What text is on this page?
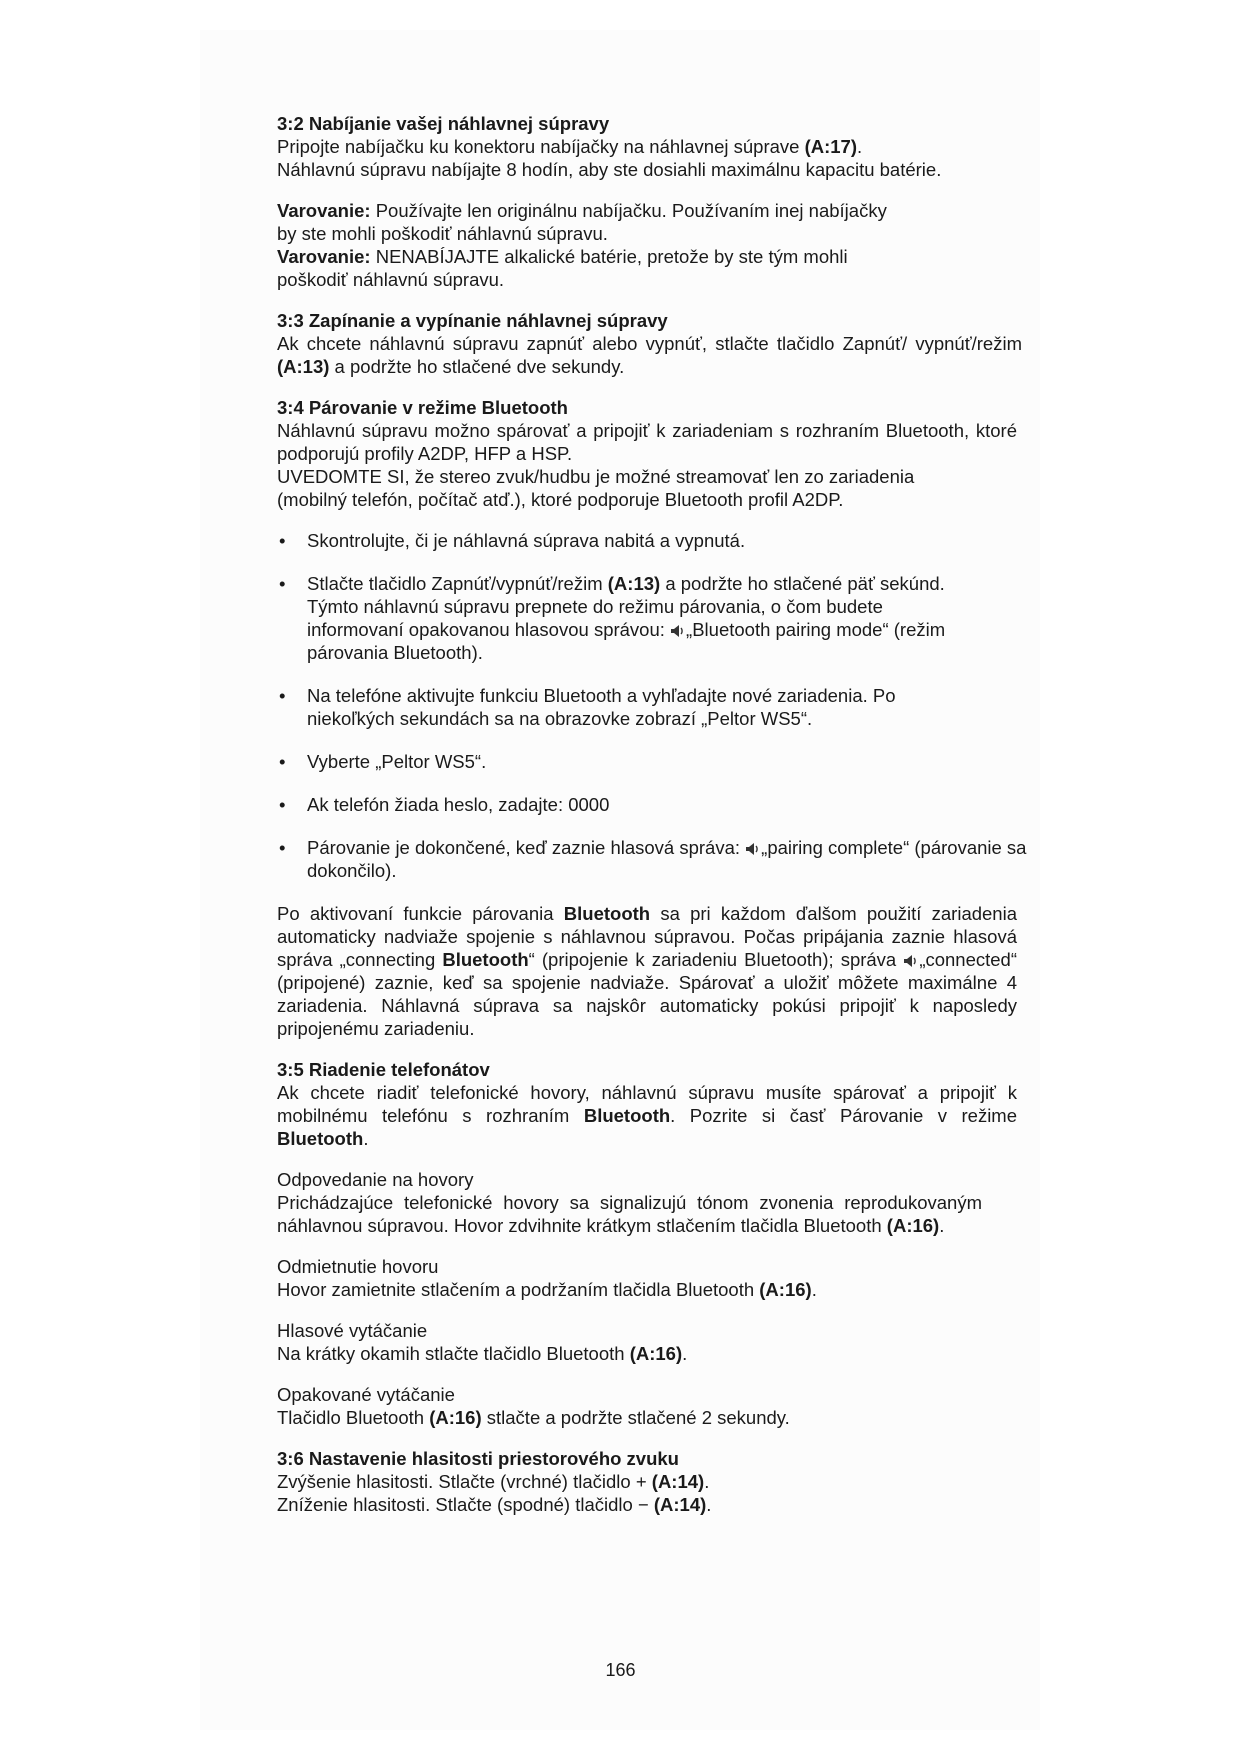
3:2 Nabíjanie vašej náhlavnej súpravy

Pripojte nabíjačku ku konektoru nabíjačky na náhlavnej súprave (A:17).
Náhlavnú súpravu nabíjajte 8 hodín, aby ste dosiahli maximálnu kapacitu batérie.

Varovanie: Používajte len originálnu nabíjačku. Používaním inej nabíjačky by ste mohli poškodiť náhlavnú súpravu.

Varovanie: NENABÍJAJTE alkalické batérie, pretože by ste tým mohli poškodiť náhlavnú súpravu.

3:3 Zapínanie a vypínanie náhlavnej súpravy

Ak chcete náhlavnú súpravu zapnúť alebo vypnúť, stlačte tlačidlo Zapnúť/ vypnúť/režim (A:13) a podržte ho stlačené dve sekundy.

3:4 Párovanie v režime Bluetooth

Náhlavnú súpravu možno spárovať a pripojiť k zariadeniam s rozhraním Bluetooth, ktoré podporujú profily A2DP, HFP a HSP.

UVEDOMTE SI, že stereo zvuk/hudbu je možné streamovať len zo zariadenia (mobilný telefón, počítač atď.), ktoré podporuje Bluetooth profil A2DP.

• Skontrolujte, či je náhlavná súprava nabitá a vypnutá.
• Stlačte tlačidlo Zapnúť/vypnúť/režim (A:13) a podržte ho stlačené päť sekúnd. Týmto náhlavnú súpravu prepnete do režimu párovania, o čom budete informovaní opakovanou hlasovou správou: „Bluetooth pairing mode“ (režim párovania Bluetooth).
• Na telefóne aktivujte funkciu Bluetooth a vyhľadajte nové zariadenia. Po niekoľkých sekundách sa na obrazovke zobrazí „Peltor WS5“.
• Vyberte „Peltor WS5“.
• Ak telefón žiada heslo, zadajte: 0000
• Párovanie je dokončené, keď zaznie hlasová správa: „pairing complete“ (párovanie sa dokončilo).

Po aktivovaní funkcie párovania Bluetooth sa pri každom ďalšom použití zariadenia automaticky nadviaže spojenie s náhlavnou súpravou. Počas pripájania zaznie hlasová správa „connecting Bluetooth“ (pripojenie k zariadeniu Bluetooth); správa „connected“ (pripojené) zaznie, keď sa spojenie nadviaže. Spárovať a uložiť môžete maximálne 4 zariadenia. Náhlavná súprava sa najskôr automaticky pokúsi pripojiť k naposledy pripojenému zariadeniu.

3:5 Riadenie telefonátov

Ak chcete riadiť telefonické hovory, náhlavnú súpravu musíte spárovať a pripojiť k mobilnému telefónu s rozhraním Bluetooth. Pozrite si časť Párovanie v režime Bluetooth.

Odpovedanie na hovory

Prichádzajúce telefonické hovory sa signalizujú tónom zvonenia reprodukovaným náhlavnou súpravou. Hovor zdvihnite krátkym stlačením tlačidla Bluetooth (A:16).

Odmietnutie hovoru

Hovor zamietnite stlačením a podržaním tlačidla Bluetooth (A:16).

Hlasové vytáčanie

Na krátky okamih stlačte tlačidlo Bluetooth (A:16).

Opakované vytáčanie

Tlačidlo Bluetooth (A:16) stlačte a podržte stlačené 2 sekundy.

3:6 Nastavenie hlasitosti priestorového zvuku

Zvýšenie hlasitosti. Stlačte (vrchné) tlačidlo + (A:14).

Zníženie hlasitosti. Stlačte (spodné) tlačidlo − (A:14).

166
